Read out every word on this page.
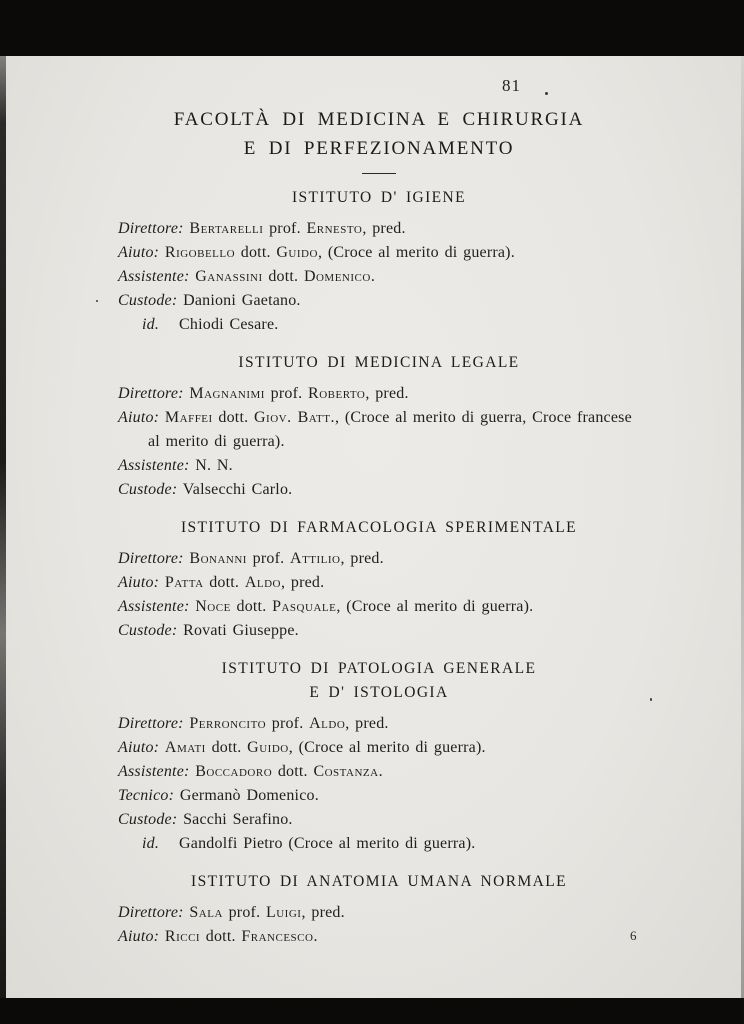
81
FACOLTÀ DI MEDICINA E CHIRURGIA
E DI PERFEZIONAMENTO
ISTITUTO D' IGIENE
Direttore: Bertarelli prof. Ernesto, pred.
Aiuto: Rigobello dott. Guido, (Croce al merito di guerra).
Assistente: Ganassini dott. Domenico.
Custode: Danioni Gaetano.
id. Chiodi Cesare.
ISTITUTO DI MEDICINA LEGALE
Direttore: Magnanimi prof. Roberto, pred.
Aiuto: Maffei dott. Giov. Batt., (Croce al merito di guerra, Croce francese al merito di guerra).
Assistente: N. N.
Custode: Valsecchi Carlo.
ISTITUTO DI FARMACOLOGIA SPERIMENTALE
Direttore: Bonanni prof. Attilio, pred.
Aiuto: Patta dott. Aldo, pred.
Assistente: Noce dott. Pasquale, (Croce al merito di guerra).
Custode: Rovati Giuseppe.
ISTITUTO DI PATOLOGIA GENERALE
E D' ISTOLOGIA
Direttore: Perroncito prof. Aldo, pred.
Aiuto: Amati dott. Guido, (Croce al merito di guerra).
Assistente: Boccadoro dott. Costanza.
Tecnico: Germanò Domenico.
Custode: Sacchi Serafino.
id. Gandolfi Pietro (Croce al merito di guerra).
ISTITUTO DI ANATOMIA UMANA NORMALE
Direttore: Sala prof. Luigi, pred.
Aiuto: Ricci dott. Francesco.	6
